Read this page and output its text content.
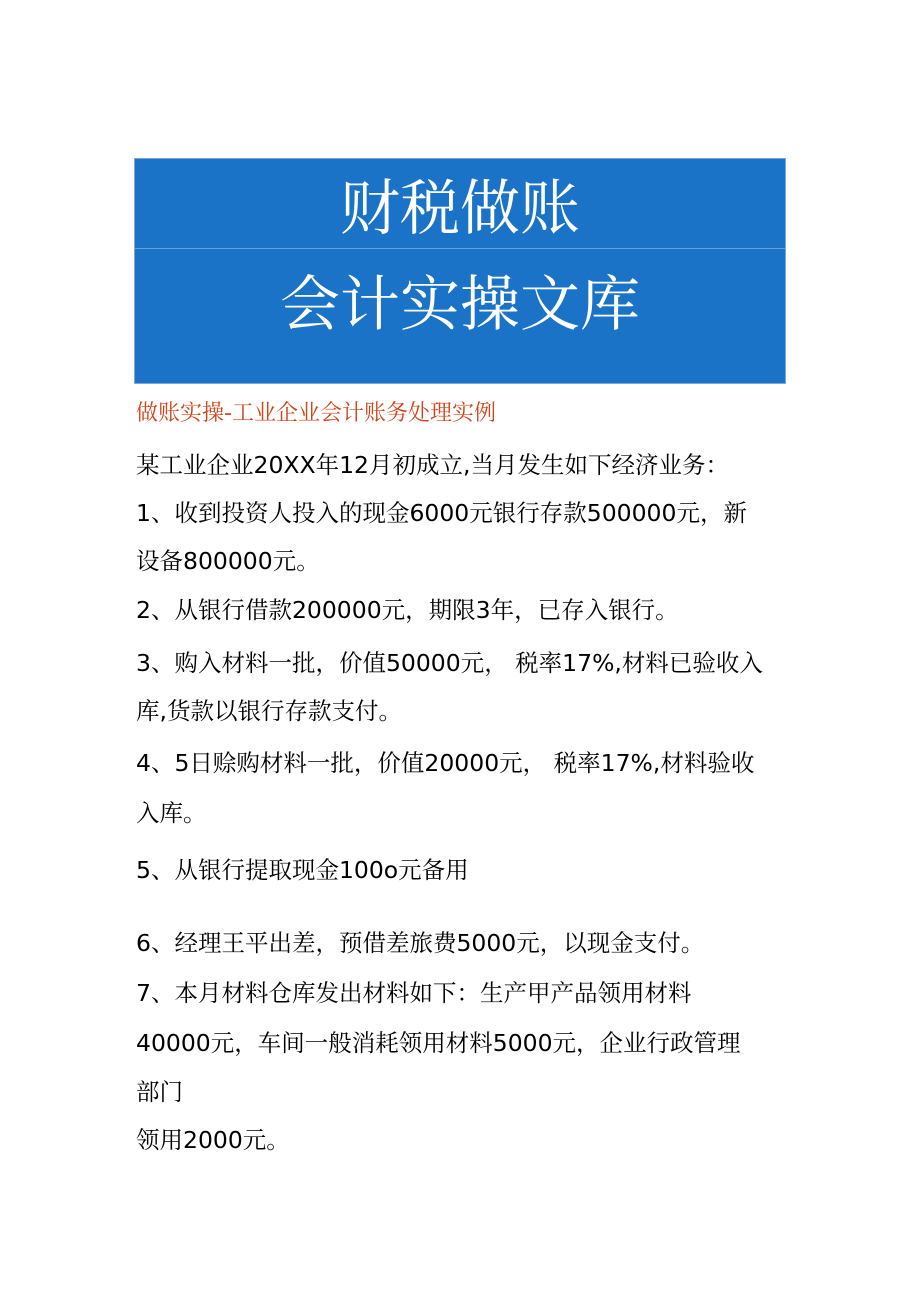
财税做账
会计实操文库
做账实操-工业企业会计账务处理实例
某工业企业20XX年12月初成立,当月发生如下经济业务：
1、收到投资人投入的现金6000元银行存款500000元，新
设备800000元。
2、从银行借款200000元，期限3年，已存入银行。
3、购入材料一批，价值50000元， 税率17%,材料已验收入
库,货款以银行存款支付。
4、5日赊购材料一批，价值20000元， 税率17%,材料验收
入库。
5、从银行提取现金100o元备用
6、经理王平出差，预借差旅费5000元，以现金支付。
7、本月材料仓库发出材料如下：生产甲产品领用材料
40000元，车间一般消耗领用材料5000元，企业行政管理
部门
领用2000元。
